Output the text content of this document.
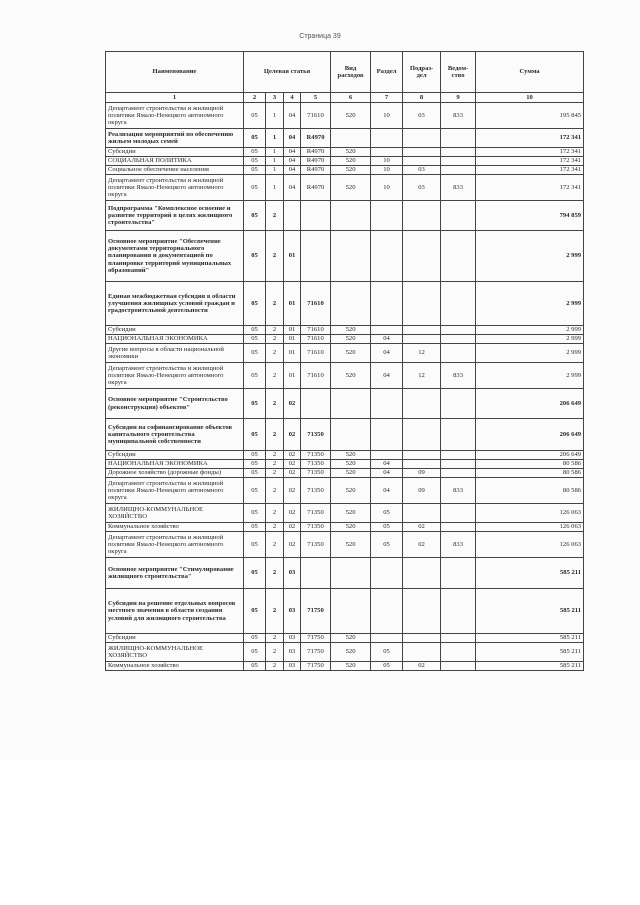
Страница 39
Наименование	Целевая статья				Вид расходов	Раздел	Подраз-дел	Ведом-ство	Сумма
1	2	3	4	5	6	7	8	9	10
Департамент строительства и жилищной политики Ямало-Ненецкого автономного округа	05	1	04	71610	520	10	03	833	195 845
Реализация мероприятий по обеспечению жильем молодых семей	05	1	04	R4970					172 341
Субсидии	05	1	04	R4970	520				172 341
СОЦИАЛЬНАЯ ПОЛИТИКА	05	1	04	R4970	520	10			172 341
Социальное обеспечение населения	05	1	04	R4970	520	10	03		172 341
Департамент строительства и жилищной политики Ямало-Ненецкого автономного округа	05	1	04	R4970	520	10	03	833	172 341
Подпрограмма "Комплексное освоение и развитие территорий в целях жилищного строительства"	05	2							794 859
Основное мероприятие "Обеспечение документами территориального планирования и документацией по планировке территорий муниципальных образований"	05	2	01						2 999
Единая межбюджетная субсидия в области улучшения жилищных условий граждан и градостроительной деятельности	05	2	01	71610					2 999
Субсидии	05	2	01	71610	520				2 999
НАЦИОНАЛЬНАЯ ЭКОНОМИКА	05	2	01	71610	520	04			2 999
Другие вопросы в области национальной экономики	05	2	01	71610	520	04	12		2 999
Департамент строительства и жилищной политики Ямало-Ненецкого автономного округа	05	2	01	71610	520	04	12	833	2 999
Основное мероприятие "Строительство (реконструкция) объектов"	05	2	02						206 649
Субсидии на софинансирование объектов капитального строительства муниципальной собственности	05	2	02	71350					206 649
Субсидии	05	2	02	71350	520				206 649
НАЦИОНАЛЬНАЯ ЭКОНОМИКА	05	2	02	71350	520	04			80 586
Дорожное хозяйство (дорожные фонды)	05	2	02	71350	520	04	09		80 586
Департамент строительства и жилищной политики Ямало-Ненецкого автономного округа	05	2	02	71350	520	04	09	833	80 586
ЖИЛИЩНО-КОММУНАЛЬНОЕ ХОЗЯЙСТВО	05	2	02	71350	520	05			126 063
Коммунальное хозяйство	05	2	02	71350	520	05	02		126 063
Департамент строительства и жилищной политики Ямало-Ненецкого автономного округа	05	2	02	71350	520	05	02	833	126 063
Основное мероприятие "Стимулирование жилищного строительства"	05	2	03						585 211
Субсидии на решение отдельных вопросов местного значения в области создания условий для жилищного строительства	05	2	03	71750					585 211
Субсидии	05	2	03	71750	520				585 211
ЖИЛИЩНО-КОММУНАЛЬНОЕ ХОЗЯЙСТВО	05	2	03	71750	520	05			585 211
Коммунальное хозяйство	05	2	03	71750	520	05	02		585 211
